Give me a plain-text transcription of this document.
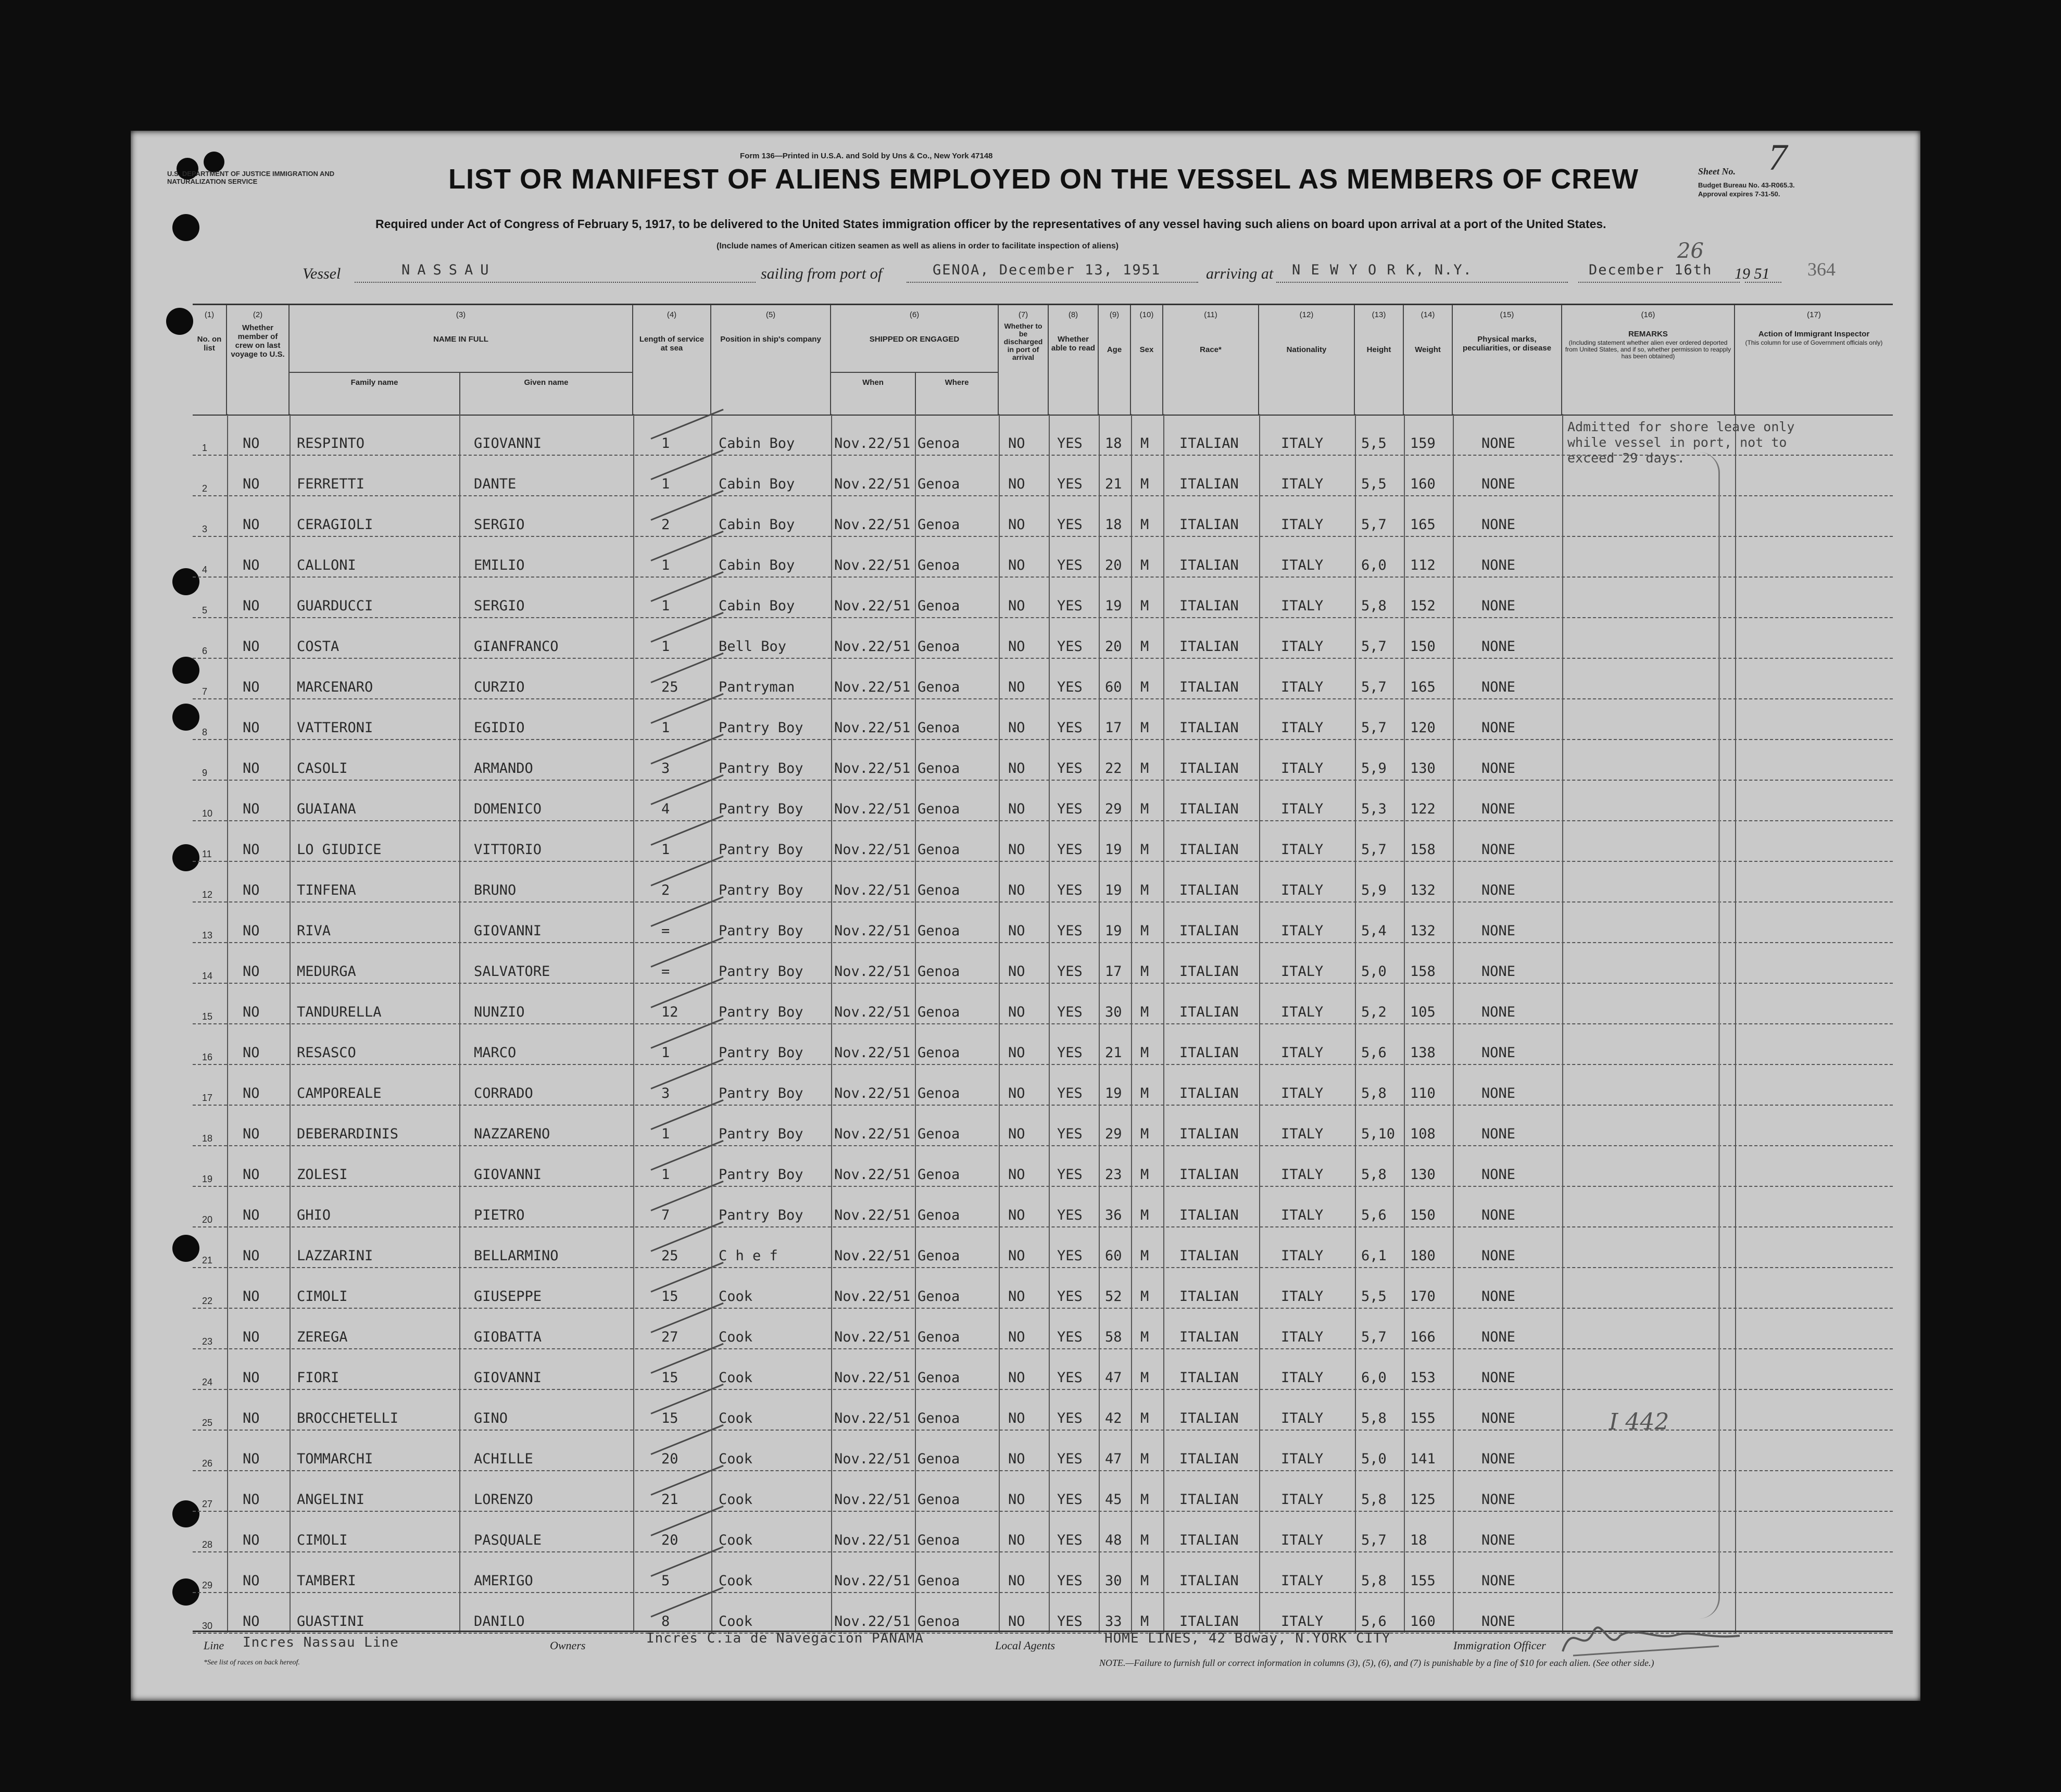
Form 136—Printed in U.S.A. and Sold by Uns & Co., New York 47148
U.S. DEPARTMENT OF JUSTICE IMMIGRATION AND NATURALIZATION SERVICE	LIST OR MANIFEST OF ALIENS EMPLOYED ON THE VESSEL AS MEMBERS OF CREW	Sheet No. 7
Budget Bureau No. 43-R065.3.
Approval expires 7-31-50.
Required under Act of Congress of February 5, 1917, to be delivered to the United States immigration officer by the representatives of any vessel having such aliens on board upon arrival at a port of the United States.
(Include names of American citizen seamen as well as aliens in order to facilitate inspection of aliens)
Vessel	NASSAU	sailing from port of	GENOA, December 13, 1951	arriving at N E W Y O R K, N.Y.	December 16th
26
19 51 364
(1)
No. on list
(2)
Whether member of crew on last voyage to U.S.
(3)
NAME IN FULL
(4)
Length of service at sea
(5)
Position in ship's company
(6)
SHIPPED OR ENGAGED
(7)
Whether to be discharged in port of arrival
(8)
Whether able to read
(9)
Age
(10)
Sex
(11)
Race*
(12)
Nationality
(13)
Height
(14)
Weight
(15)
Physical marks, peculiarities, or disease
(16)
REMARKS
(Including statement whether alien ever ordered deported from United States, and if so, whether permission to reapply has been obtained)
(17)
Action of Immigrant Inspector
(This column for use of Government officials only)
Family name	Given name	When	Where
1	NO	RESPINTO	GIOVANNI	1	Cabin Boy	Nov.22/51 Genoa	NO YES 18 M ITALIAN	ITALY	5,5 159	NONE
2	NO	FERRETTI	DANTE	1	Cabin Boy	Nov.22/51 Genoa	NO YES 21 M ITALIAN	ITALY	5,5 160	NONE
3	NO	CERAGIOLI	SERGIO	2	Cabin Boy	Nov.22/51 Genoa	NO YES 18 M ITALIAN	ITALY	5,7 165	NONE
4	NO	CALLONI	EMILIO	1	Cabin Boy	Nov.22/51 Genoa	NO YES 20 M ITALIAN	ITALY	6,0 112	NONE
5	NO	GUARDUCCI	SERGIO	1	Cabin Boy	Nov.22/51 Genoa	NO YES 19 M ITALIAN	ITALY	5,8 152	NONE
6	NO	COSTA	GIANFRANCO	1	Bell Boy	Nov.22/51 Genoa	NO YES 20 M ITALIAN	ITALY	5,7 150	NONE
7	NO	MARCENARO	CURZIO	25	Pantryman	Nov.22/51 Genoa	NO YES 60 M ITALIAN	ITALY	5,7 165	NONE
8	NO	VATTERONI	EGIDIO	1	Pantry Boy Nov.22/51 Genoa	NO YES 17 M ITALIAN	ITALY	5,7 120	NONE
9	NO	CASOLI	ARMANDO	3	Pantry Boy Nov.22/51 Genoa	NO YES 22 M ITALIAN	ITALY	5,9 130	NONE
10 NO	GUAIANA	DOMENICO	4	Pantry Boy Nov.22/51 Genoa	NO YES 29 M ITALIAN	ITALY	5,3 122	NONE
11 NO	LO GIUDICE	VITTORIO	1	Pantry Boy Nov.22/51 Genoa	NO YES 19 M ITALIAN	ITALY	5,7 158	NONE
12 NO	TINFENA	BRUNO	2	Pantry Boy Nov.22/51 Genoa	NO YES 19 M ITALIAN	ITALY	5,9 132	NONE
13 NO	RIVA	GIOVANNI	=	Pantry Boy Nov.22/51 Genoa	NO YES 19 M ITALIAN	ITALY	5,4 132	NONE
14 NO	MEDURGA	SALVATORE	=	Pantry Boy Nov.22/51 Genoa	NO YES 17 M ITALIAN	ITALY	5,0 158	NONE
15 NO	TANDURELLA	NUNZIO	12	Pantry Boy Nov.22/51 Genoa	NO YES 30 M ITALIAN	ITALY	5,2 105	NONE
16 NO	RESASCO	MARCO	1	Pantry Boy Nov.22/51 Genoa	NO YES 21 M ITALIAN	ITALY	5,6 138	NONE
17 NO	CAMPOREALE	CORRADO	3	Pantry Boy Nov.22/51 Genoa	NO YES 19 M ITALIAN	ITALY	5,8 110	NONE
18 NO	DEBERARDINIS	NAZZARENO	1	Pantry Boy Nov.22/51 Genoa	NO YES 29 M ITALIAN	ITALY	5,10 108	NONE
19 NO	ZOLESI	GIOVANNI	1	Pantry Boy Nov.22/51 Genoa	NO YES 23 M ITALIAN	ITALY	5,8 130	NONE
20 NO	GHIO	PIETRO	7	Pantry Boy Nov.22/51 Genoa	NO YES 36 M ITALIAN	ITALY	5,6 150	NONE
21 NO	LAZZARINI	BELLARMINO	25	C h e f	Nov.22/51 Genoa	NO YES 60 M ITALIAN	ITALY	6,1 180	NONE
22 NO	CIMOLI	GIUSEPPE	15	Cook	Nov.22/51 Genoa	NO YES 52 M ITALIAN	ITALY	5,5 170	NONE
23 NO	ZEREGA	GIOBATTA	27	Cook	Nov.22/51 Genoa	NO YES 58 M ITALIAN	ITALY	5,7 166	NONE
24 NO	FIORI	GIOVANNI	15	Cook	Nov.22/51 Genoa	NO YES 47 M ITALIAN	ITALY	6,0 153	NONE
25 NO	BROCCHETELLI	GINO	15	Cook	Nov.22/51 Genoa	NO YES 42 M ITALIAN	ITALY	5,8 155	NONE
26 NO	TOMMARCHI	ACHILLE	20	Cook	Nov.22/51 Genoa	NO YES 47 M ITALIAN	ITALY	5,0 141	NONE
27 NO	ANGELINI	LORENZO	21	Cook	Nov.22/51 Genoa	NO YES 45 M ITALIAN	ITALY	5,8 125	NONE
28 NO	CIMOLI	PASQUALE	20	Cook	Nov.22/51 Genoa	NO YES 48 M ITALIAN	ITALY	5,7 18	NONE
29 NO	TAMBERI	AMERIGO	5	Cook	Nov.22/51 Genoa	NO YES 30 M ITALIAN	ITALY	5,8 155	NONE
30 NO	GUASTINI	DANILO	8	Cook	Nov.22/51 Genoa	NO YES 33 M ITALIAN	ITALY	5,6 160	NONE
Admitted for shore leave only
while vessel in port, not to
exceed 29 days.
I 442
Line Incres Nassau Line	Owners	Incres C.ia de Navegacion PANAMA	Local Agents	HOME LINES, 42 Bdway, N.YORK CITY	Immigration Officer
*See list of races on back hereof.	NOTE.—Failure to furnish full or correct information in columns (3), (5), (6), and (7) is punishable by a fine of $10 for each alien. (See other side.)
